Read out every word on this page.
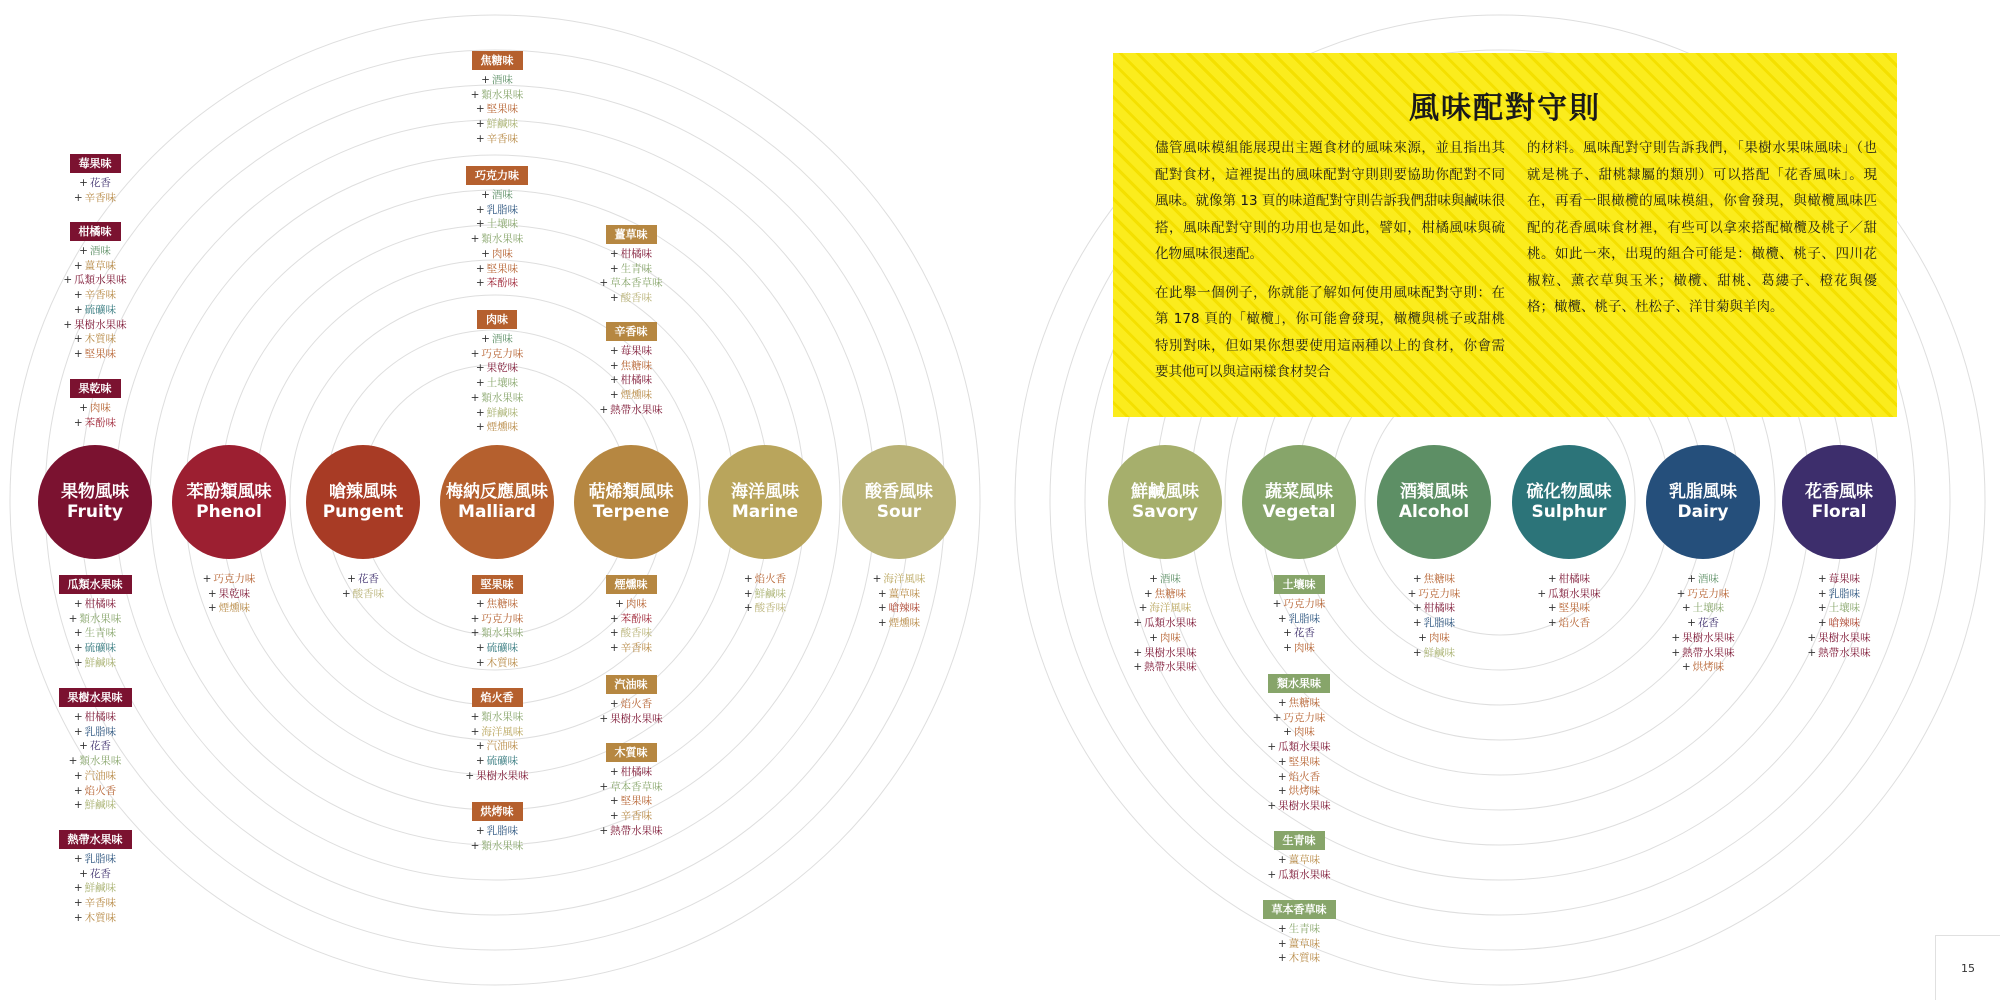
風味配對守則

儘管風味模組能展現出主題食材的風味來源，並且指出其配對食材，這裡提出的風味配對守則則要協助你配對不同風味。就像第 13 頁的味道配對守則告訴我們甜味與鹹味很搭，風味配對守則的功用也是如此，譬如，柑橘風味與硫化物風味很速配。

在此舉一個例子，你就能了解如何使用風味配對守則：在第 178 頁的「橄欖」，你可能會發現，橄欖與桃子或甜桃特別對味，但如果你想要使用這兩種以上的食材，你會需要其他可以與這兩樣食材契合

的材料。風味配對守則告訴我們，「果樹水果味風味」（也就是桃子、甜桃隸屬的類別）可以搭配「花香風味」。現在，再看一眼橄欖的風味模組，你會發現，與橄欖風味匹配的花香風味食材裡，有些可以拿來搭配橄欖及桃子／甜桃。如此一來，出現的組合可能是：橄欖、桃子、四川花椒粒、薰衣草與玉米；橄欖、甜桃、葛縷子、橙花與優格；橄欖、桃子、杜松子、洋甘菊與羊肉。

果物風味
Fruity
苯酚類風味
Phenol
嗆辣風味
Pungent
梅納反應風味
Malliard
萜烯類風味
Terpene
海洋風味
Marine
酸香風味
Sour
鮮鹹風味
Savory
蔬菜風味
Vegetal
酒類風味
Alcohol
硫化物風味
Sulphur
乳脂風味
Dairy
花香風味
Floral
莓果味
+ 花香
+ 辛香味
柑橘味
+ 酒味
+ 薑草味
+ 瓜類水果味
+ 辛香味
+ 硫礦味
+ 果樹水果味
+ 木質味
+ 堅果味
果乾味
+ 肉味
+ 苯酚味
瓜類水果味
+ 柑橘味
+ 類水果味
+ 生青味
+ 硫礦味
+ 鮮鹹味
果樹水果味
+ 柑橘味
+ 乳脂味
+ 花香
+ 類水果味
+ 汽油味
+ 焰火香
+ 鮮鹹味
熱帶水果味
+ 乳脂味
+ 花香
+ 鮮鹹味
+ 辛香味
+ 木質味
+ 巧克力味
+ 果乾味
+ 煙燻味
+ 花香
+ 酸香味
焦糖味
+ 酒味
+ 類水果味
+ 堅果味
+ 鮮鹹味
+ 辛香味
巧克力味
+ 酒味
+ 乳脂味
+ 土壤味
+ 類水果味
+ 肉味
+ 堅果味
+ 苯酚味
肉味
+ 酒味
+ 巧克力味
+ 果乾味
+ 土壤味
+ 類水果味
+ 鮮鹹味
+ 煙燻味
堅果味
+ 焦糖味
+ 巧克力味
+ 類水果味
+ 硫礦味
+ 木質味
焰火香
+ 類水果味
+ 海洋風味
+ 汽油味
+ 硫礦味
+ 果樹水果味
烘烤味
+ 乳脂味
+ 類水果味
薑草味
+ 柑橘味
+ 生青味
+ 草本香草味
+ 酸香味
辛香味
+ 莓果味
+ 焦糖味
+ 柑橘味
+ 煙燻味
+ 熱帶水果味
煙燻味
+ 肉味
+ 苯酚味
+ 酸香味
+ 辛香味
汽油味
+ 焰火香
+ 果樹水果味
木質味
+ 柑橘味
+ 草本香草味
+ 堅果味
+ 辛香味
+ 熱帶水果味
+ 焰火香
+ 鮮鹹味
+ 酸香味
+ 海洋風味
+ 薑草味
+ 嗆辣味
+ 煙燻味
+ 酒味
+ 焦糖味
+ 海洋風味
+ 瓜類水果味
+ 肉味
+ 果樹水果味
+ 熱帶水果味
土壤味
+ 巧克力味
+ 乳脂味
+ 花香
+ 肉味
類水果味
+ 焦糖味
+ 巧克力味
+ 肉味
+ 瓜類水果味
+ 堅果味
+ 焰火香
+ 烘烤味
+ 果樹水果味
生青味
+ 薑草味
+ 瓜類水果味
草本香草味
+ 生青味
+ 薑草味
+ 木質味
+ 焦糖味
+ 巧克力味
+ 柑橘味
+ 乳脂味
+ 肉味
+ 鮮鹹味
+ 柑橘味
+ 瓜類水果味
+ 堅果味
+ 焰火香
+ 酒味
+ 巧克力味
+ 土壤味
+ 花香
+ 果樹水果味
+ 熱帶水果味
+ 烘烤味
+ 莓果味
+ 乳脂味
+ 土壤味
+ 嗆辣味
+ 果樹水果味
+ 熱帶水果味
15
